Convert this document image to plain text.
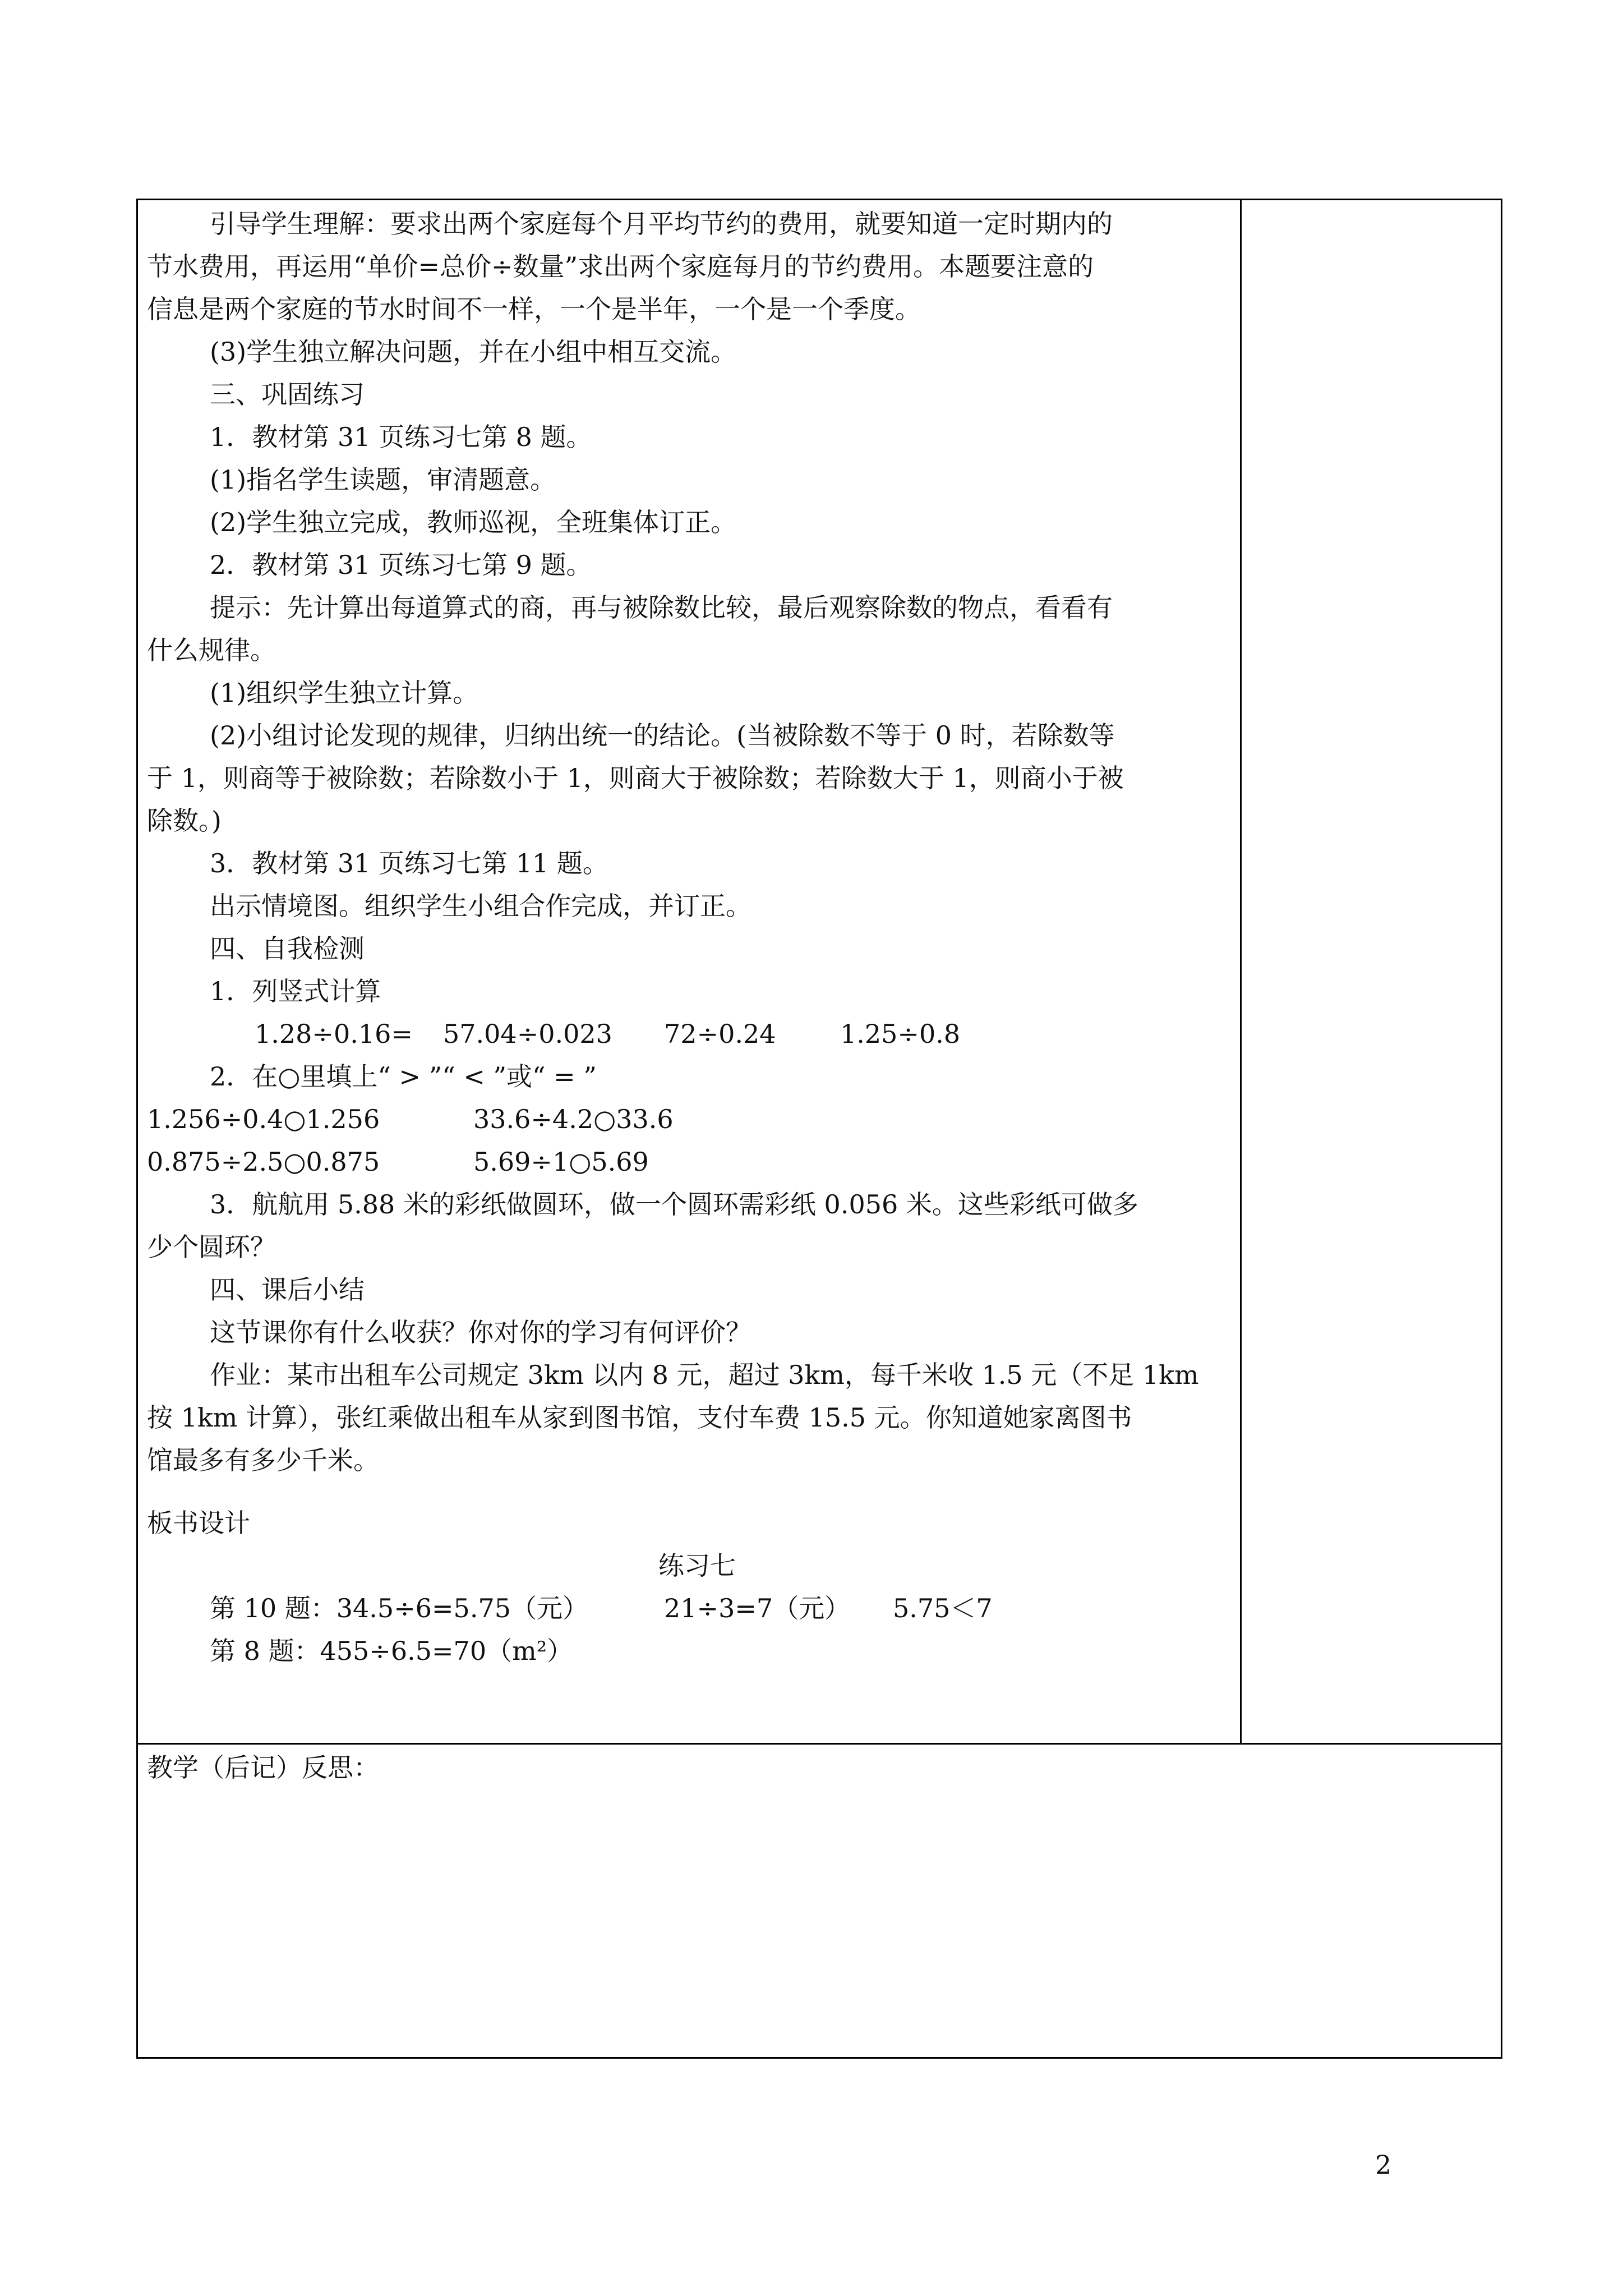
引导学生理解：要求出两个家庭每个月平均节约的费用，就要知道一定时期内的
节水费用，再运用“单价=总价÷数量”求出两个家庭每月的节约费用。本题要注意的
信息是两个家庭的节水时间不一样，一个是半年，一个是一个季度。
(3)学生独立解决问题，并在小组中相互交流。
三、巩固练习
1．教材第 31 页练习七第 8 题。
(1)指名学生读题，审清题意。
(2)学生独立完成，教师巡视，全班集体订正。
2．教材第 31 页练习七第 9 题。
提示：先计算出每道算式的商，再与被除数比较，最后观察除数的物点，看看有
什么规律。
(1)组织学生独立计算。
(2)小组讨论发现的规律，归纳出统一的结论。(当被除数不等于 0 时，若除数等
于 1，则商等于被除数；若除数小于 1，则商大于被除数；若除数大于 1，则商小于被
除数。)
3．教材第 31 页练习七第 11 题。
出示情境图。组织学生小组合作完成，并订正。
四、自我检测
1．列竖式计算
1.28÷0.16= 57.04÷0.023 72÷0.24 1.25÷0.8
2．在○里填上“ > ”“ < ”或“ = ”
1.256÷0.4○1.256	33.6÷4.2○33.6
0.875÷2.5○0.875	5.69÷1○5.69
3．航航用 5.88 米的彩纸做圆环，做一个圆环需彩纸 0.056 米。这些彩纸可做多
少个圆环？
四、课后小结
这节课你有什么收获？你对你的学习有何评价？
作业：某市出租车公司规定 3km 以内 8 元，超过 3km，每千米收 1.5 元（不足 1km
按 1km 计算），张红乘做出租车从家到图书馆，支付车费 15.5 元。你知道她家离图书
馆最多有多少千米。
板书设计
练习七
第 10 题：34.5÷6=5.75（元）	21÷3=7（元） 5.75＜7
第 8 题：455÷6.5=70（m²）
教学（后记）反思：
2
